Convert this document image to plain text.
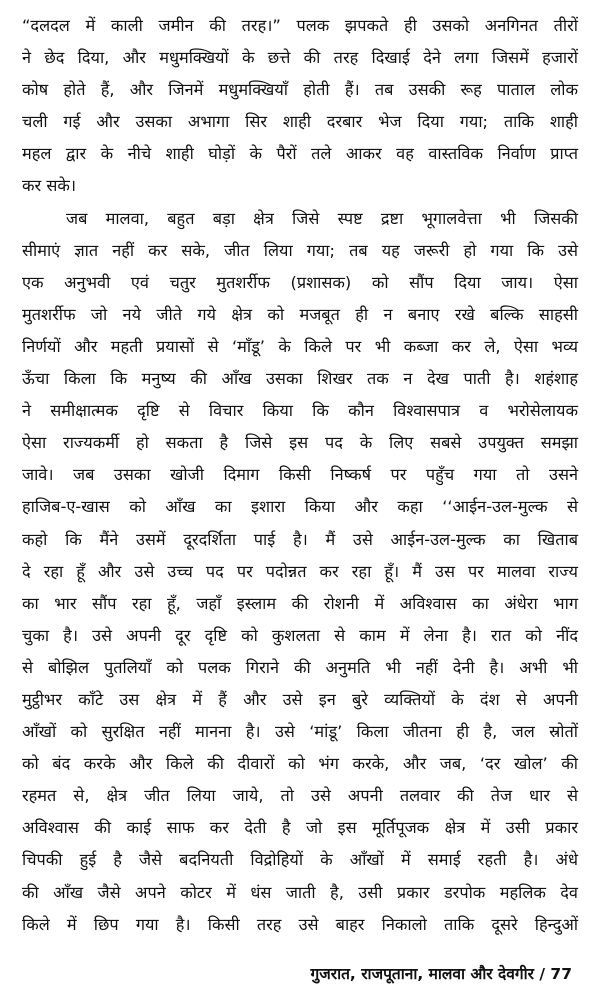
“दलदल में काली जमीन की तरह।” पलक झपकते ही उसको अनगिनत तीरों
ने छेद दिया, और मधुमक्खियों के छत्ते की तरह दिखाई देने लगा जिसमें हजारों
कोष होते हैं, और जिनमें मधुमक्खियाँ होती हैं। तब उसकी रूह पाताल लोक
चली गई और उसका अभागा सिर शाही दरबार भेज दिया गया; ताकि शाही
महल द्वार के नीचे शाही घोड़ों के पैरों तले आकर वह वास्तविक निर्वाण प्राप्त
कर सके।
जब मालवा, बहुत बड़ा क्षेत्र जिसे स्पष्ट द्रष्टा भूगालवेत्ता भी जिसकी
सीमाएं ज्ञात नहीं कर सके, जीत लिया गया; तब यह जरूरी हो गया कि उसे
एक अनुभवी एवं चतुर मुतशर्रीफ (प्रशासक) को सौंप दिया जाय। ऐसा
मुतशर्रीफ जो नये जीते गये क्षेत्र को मजबूत ही न बनाए रखे बल्कि साहसी
निर्णयों और महती प्रयासों से ‘माँडू’ के किले पर भी कब्जा कर ले, ऐसा भव्य
ऊँचा किला कि मनुष्य की आँख उसका शिखर तक न देख पाती है। शहंशाह
ने समीक्षात्मक दृष्टि से विचार किया कि कौन विश्वासपात्र व भरोसेलायक
ऐसा राज्यकर्मी हो सकता है जिसे इस पद के लिए सबसे उपयुक्त समझा
जावे। जब उसका खोजी दिमाग किसी निष्कर्ष पर पहुँच गया तो उसने
हाजिब-ए-खास को आँख का इशारा किया और कहा ‘‘आईन-उल-मुल्क से
कहो कि मैंने उसमें दूरदर्शिता पाई है। मैं उसे आईन-उल-मुल्क का खिताब
दे रहा हूँ और उसे उच्च पद पर पदोन्नत कर रहा हूँ। मैं उस पर मालवा राज्य
का भार सौंप रहा हूँ, जहाँ इस्लाम की रोशनी में अविश्वास का अंधेरा भाग
चुका है। उसे अपनी दूर दृष्टि को कुशलता से काम में लेना है। रात को नींद
से बोझिल पुतलियाँ को पलक गिराने की अनुमति भी नहीं देनी है। अभी भी
मुट्ठीभर काँटे उस क्षेत्र में हैं और उसे इन बुरे व्यक्तियों के दंश से अपनी
आँखों को सुरक्षित नहीं मानना है। उसे ‘मांडू’ किला जीतना ही है, जल स्रोतों
को बंद करके और किले की दीवारों को भंग करके, और जब, ‘दर खोल’ की
रहमत से, क्षेत्र जीत लिया जाये, तो उसे अपनी तलवार की तेज धार से
अविश्वास की काई साफ कर देती है जो इस मूर्तिपूजक क्षेत्र में उसी प्रकार
चिपकी हुई है जैसे बदनियती विद्रोहियों के आँखों में समाई रहती है। अंधे
की आँख जैसे अपने कोटर में धंस जाती है, उसी प्रकार डरपोक महलिक देव
किले में छिप गया है। किसी तरह उसे बाहर निकालो ताकि दूसरे हिन्दुओं
गुजरात, राजपूताना, मालवा और देवगीर / 77
